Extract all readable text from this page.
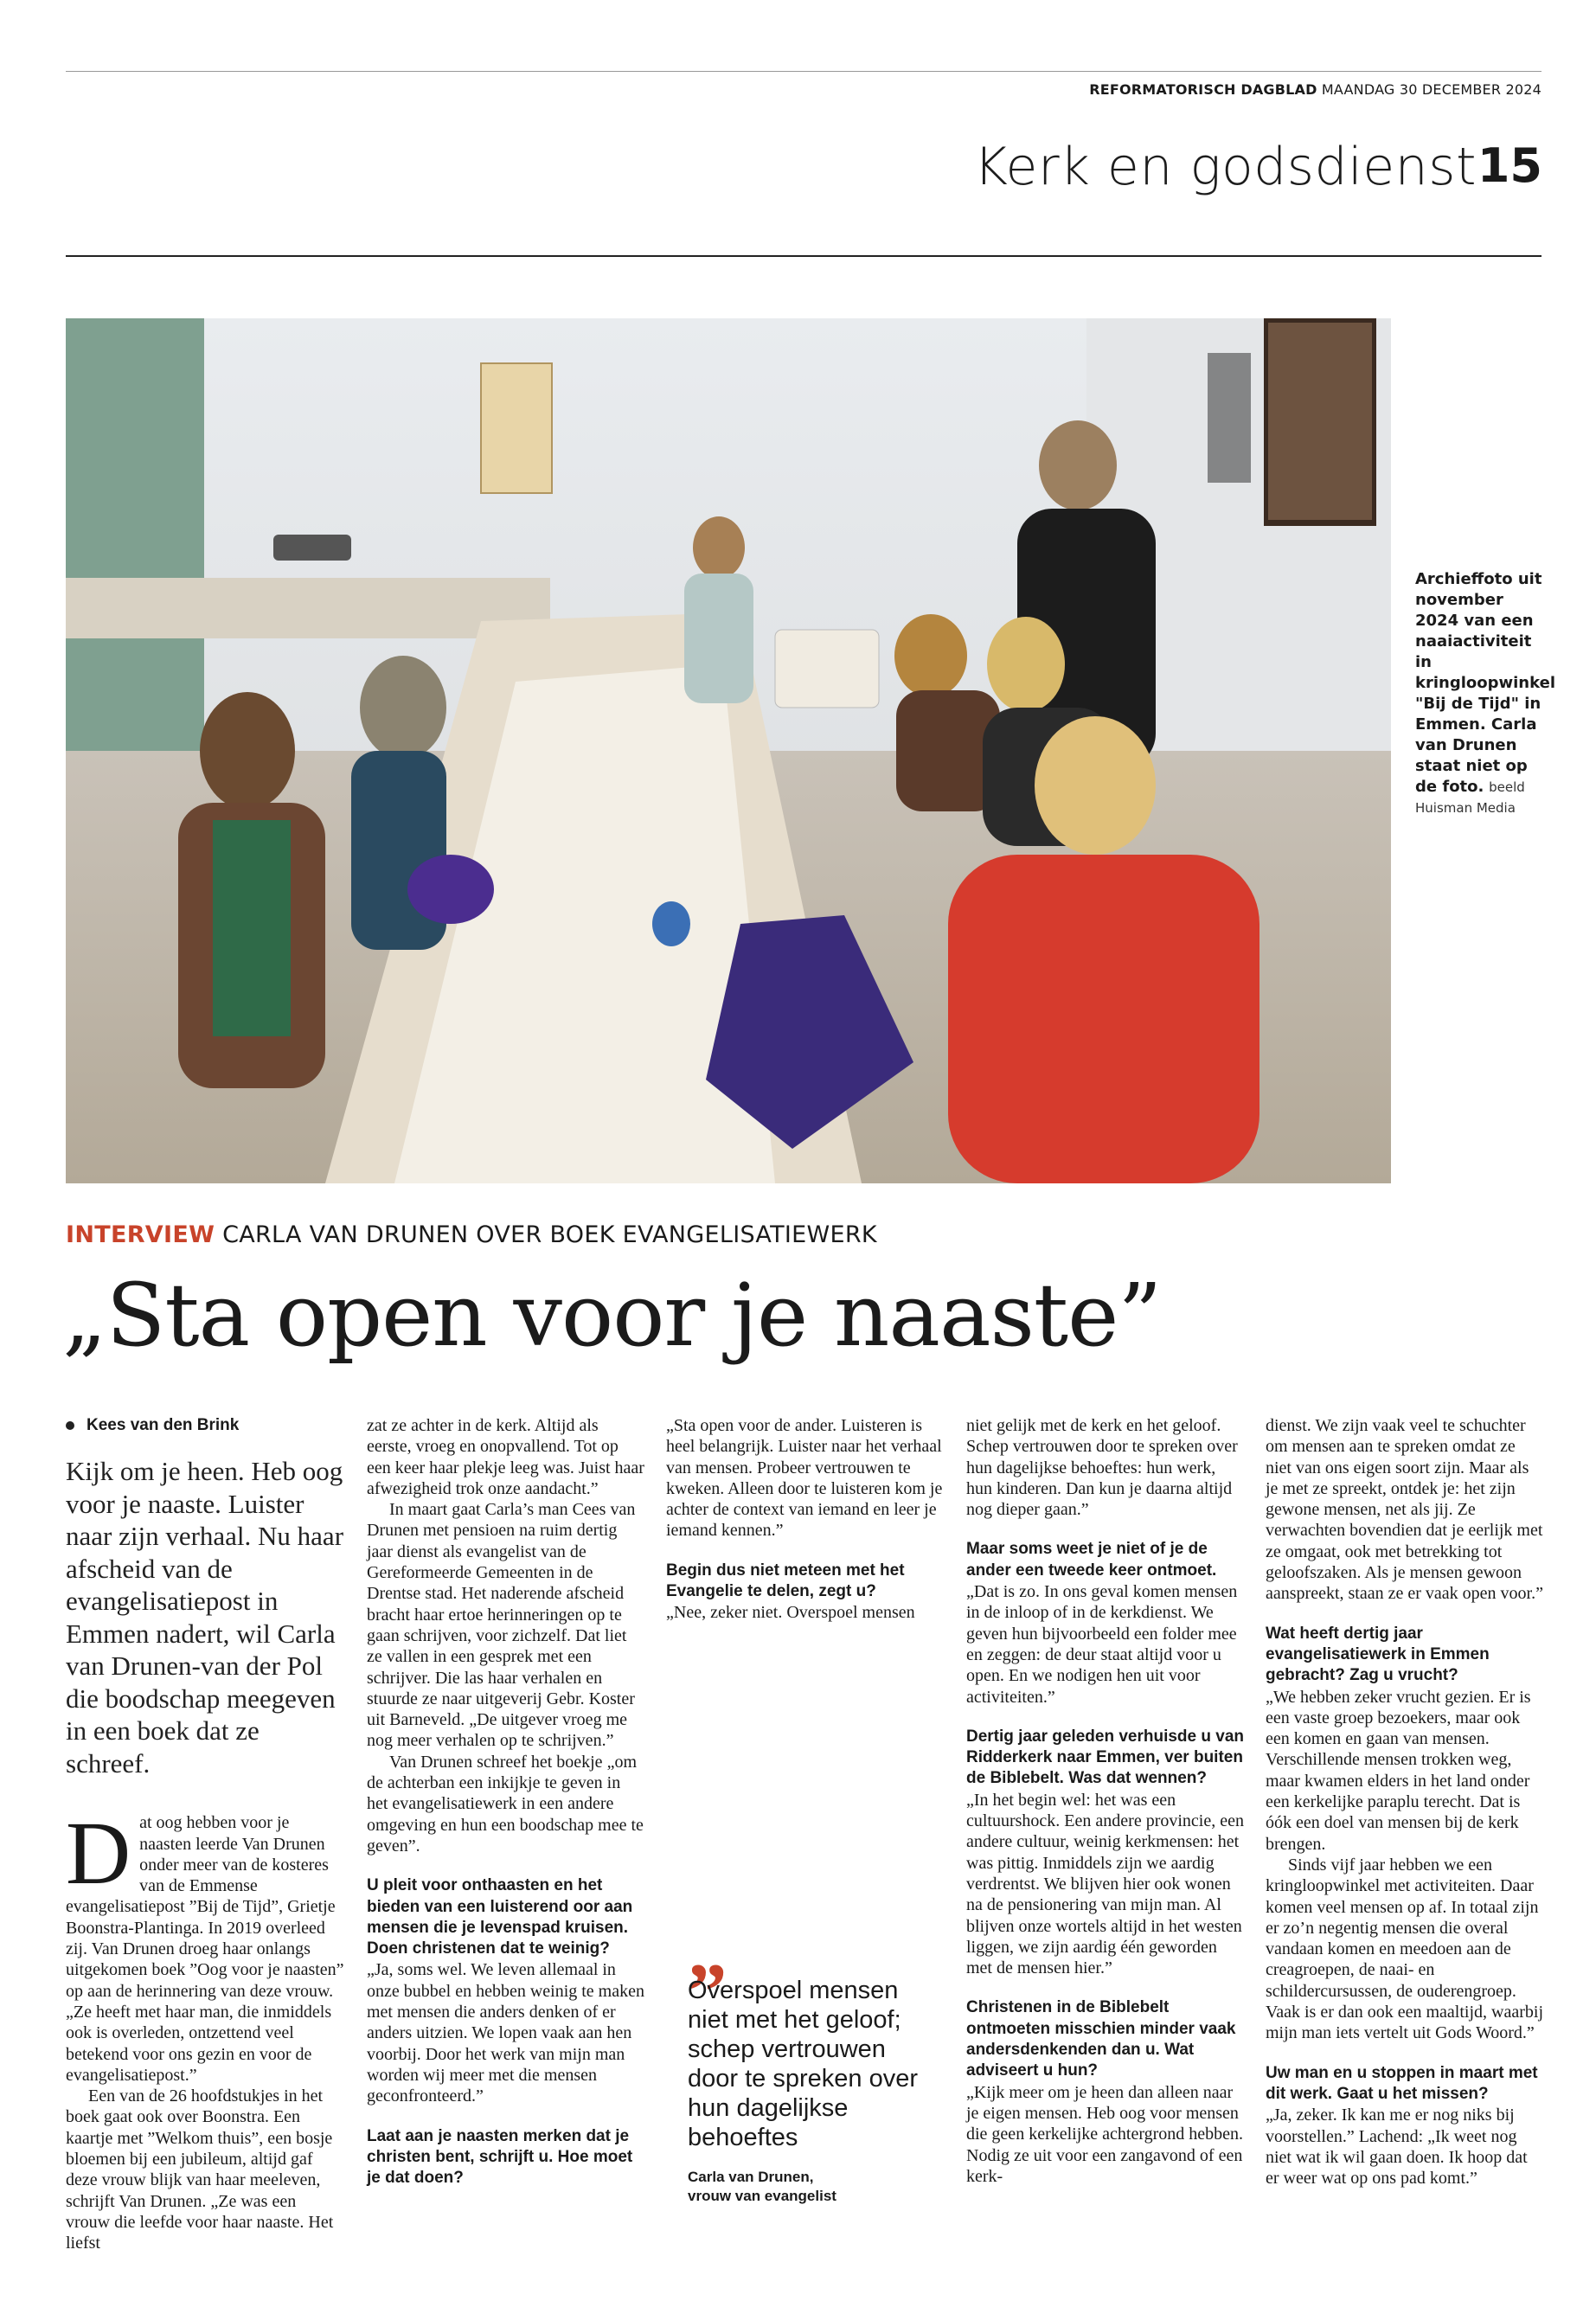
REFORMATORISCH DAGBLAD MAANDAG 30 DECEMBER 2024
Kerk en godsdienst 15
Archieffoto uit november 2024 van een naaiactiviteit in kringloopwinkel "Bij de Tijd" in Emmen. Carla van Drunen staat niet op de foto. beeld Huisman Media
INTERVIEW CARLA VAN DRUNEN OVER BOEK EVANGELISATIEWERK
„Sta open voor je naaste”

Kees van den Brink

Kijk om je heen. Heb oog voor je naaste. Luister naar zijn verhaal. Nu haar afscheid van de evangelisatiepost in Emmen nadert, wil Carla van Drunen-van der Pol die boodschap meegeven in een boek dat ze schreef.

Dat oog hebben voor je naasten leerde Van Drunen onder meer van de kosteres van de Emmense evangelisatiepost ”Bij de Tijd”, Grietje Boonstra-Plantinga. In 2019 overleed zij. Van Drunen droeg haar onlangs uitgekomen boek ”Oog voor je naasten” op aan de herinnering van deze vrouw. „Ze heeft met haar man, die inmiddels ook is overleden, ontzettend veel betekend voor ons gezin en voor de evangelisatiepost.”

Een van de 26 hoofdstukjes in het boek gaat ook over Boonstra. Een kaartje met ”Welkom thuis”, een bosje bloemen bij een jubileum, altijd gaf deze vrouw blijk van haar meeleven, schrijft Van Drunen. „Ze was een vrouw die leefde voor haar naaste. Het liefst

zat ze achter in de kerk. Altijd als eerste, vroeg en onopvallend. Tot op een keer haar plekje leeg was. Juist haar afwezigheid trok onze aandacht.”

In maart gaat Carla’s man Cees van Drunen met pensioen na ruim dertig jaar dienst als evangelist van de Gereformeerde Gemeenten in de Drentse stad. Het naderende afscheid bracht haar ertoe herinneringen op te gaan schrijven, voor zichzelf. Dat liet ze vallen in een gesprek met een schrijver. Die las haar verhalen en stuurde ze naar uitgeverij Gebr. Koster uit Barneveld. „De uitgever vroeg me nog meer verhalen op te schrijven.”

Van Drunen schreef het boekje „om de achterban een inkijkje te geven in het evangelisatiewerk in een andere omgeving en hun een boodschap mee te geven”.

U pleit voor onthaasten en het bieden van een luisterend oor aan mensen die je levenspad kruisen. Doen christenen dat te weinig?

„Ja, soms wel. We leven allemaal in onze bubbel en hebben weinig te maken met mensen die anders denken of er anders uitzien. We lopen vaak aan hen voorbij. Door het werk van mijn man worden wij meer met die mensen geconfronteerd.”

Laat aan je naasten merken dat je christen bent, schrijft u. Hoe moet je dat doen?

„Sta open voor de ander. Luisteren is heel belangrijk. Luister naar het verhaal van mensen. Probeer vertrouwen te kweken. Alleen door te luisteren kom je achter de context van iemand en leer je iemand kennen.”

Begin dus niet meteen met het Evangelie te delen, zegt u?

„Nee, zeker niet. Overspoel mensen

„
Overspoel mensen niet met het geloof; schep vertrouwen door te spreken over hun dagelijkse behoeftes
Carla van Drunen,
vrouw van evangelist

niet gelijk met de kerk en het geloof. Schep vertrouwen door te spreken over hun dagelijkse behoeftes: hun werk, hun kinderen. Dan kun je daarna altijd nog dieper gaan.”

Maar soms weet je niet of je de ander een tweede keer ontmoet.

„Dat is zo. In ons geval komen mensen in de inloop of in de kerkdienst. We geven hun bijvoorbeeld een folder mee en zeggen: de deur staat altijd voor u open. En we nodigen hen uit voor activiteiten.”

Dertig jaar geleden verhuisde u van Ridderkerk naar Emmen, ver buiten de Biblebelt. Was dat wennen?

„In het begin wel: het was een cultuurshock. Een andere provincie, een andere cultuur, weinig kerkmensen: het was pittig. Inmiddels zijn we aardig verdrentst. We blijven hier ook wonen na de pensionering van mijn man. Al blijven onze wortels altijd in het westen liggen, we zijn aardig één geworden met de mensen hier.”

Christenen in de Biblebelt ontmoeten misschien minder vaak andersdenkenden dan u. Wat adviseert u hun?

„Kijk meer om je heen dan alleen naar je eigen mensen. Heb oog voor mensen die geen kerkelijke achtergrond hebben. Nodig ze uit voor een zangavond of een kerk-

dienst. We zijn vaak veel te schuchter om mensen aan te spreken omdat ze niet van ons eigen soort zijn. Maar als je met ze spreekt, ontdek je: het zijn gewone mensen, net als jij. Ze verwachten bovendien dat je eerlijk met ze omgaat, ook met betrekking tot geloofszaken. Als je mensen gewoon aanspreekt, staan ze er vaak open voor.”

Wat heeft dertig jaar evangelisatiewerk in Emmen gebracht? Zag u vrucht?

„We hebben zeker vrucht gezien. Er is een vaste groep bezoekers, maar ook een komen en gaan van mensen. Verschillende mensen trokken weg, maar kwamen elders in het land onder een kerkelijke paraplu terecht. Dat is óók een doel van mensen bij de kerk brengen.

Sinds vijf jaar hebben we een kringloopwinkel met activiteiten. Daar komen veel mensen op af. In totaal zijn er zo’n negentig mensen die overal vandaan komen en meedoen aan de creagroepen, de naai- en schildercursussen, de ouderengroep. Vaak is er dan ook een maaltijd, waarbij mijn man iets vertelt uit Gods Woord.”

Uw man en u stoppen in maart met dit werk. Gaat u het missen?

„Ja, zeker. Ik kan me er nog niks bij voorstellen.” Lachend: „Ik weet nog niet wat ik wil gaan doen. Ik hoop dat er weer wat op ons pad komt.”
